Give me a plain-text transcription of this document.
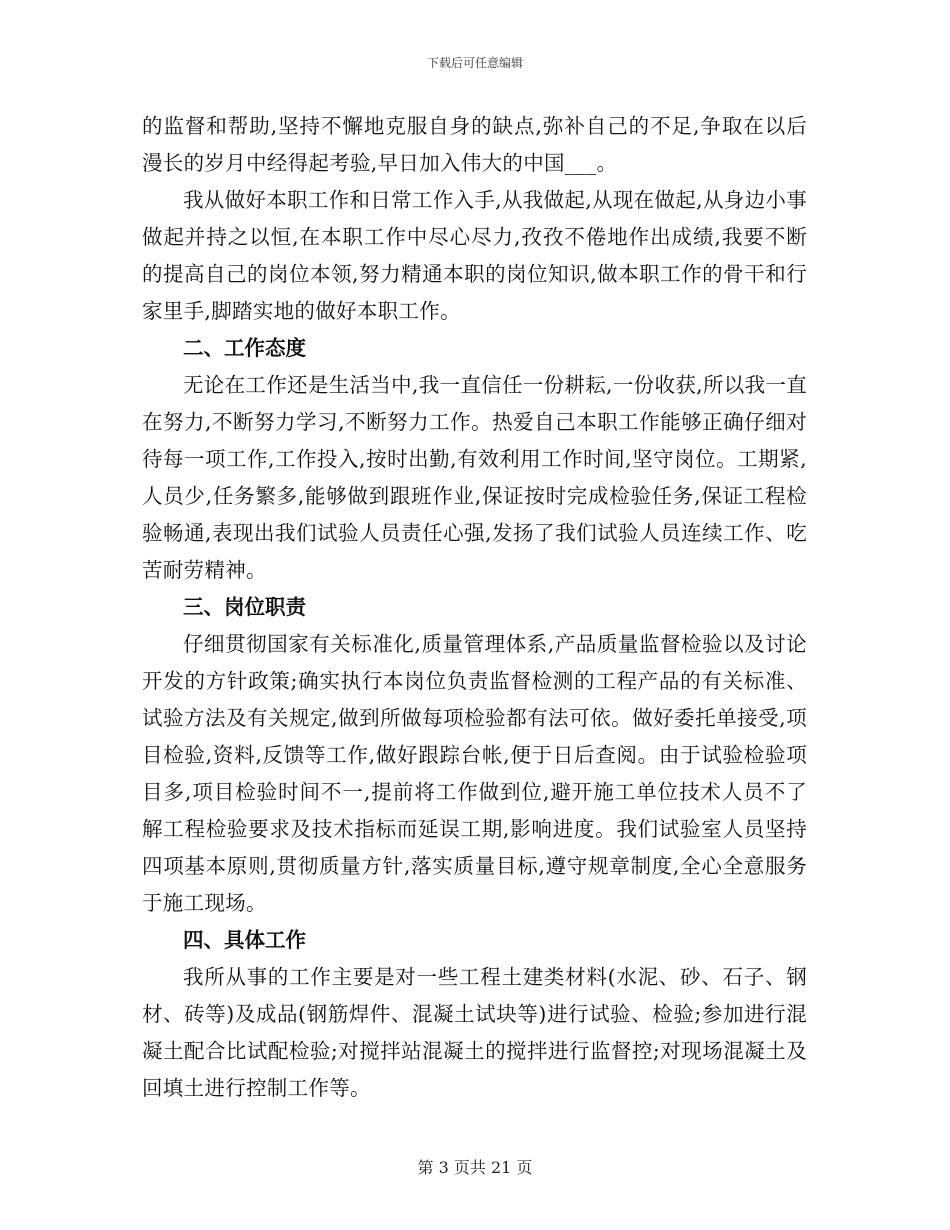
下载后可任意编辑

的监督和帮助,坚持不懈地克服自身的缺点,弥补自己的不足,争取在以后漫长的岁月中经得起考验,早日加入伟大的中国___。

我从做好本职工作和日常工作入手,从我做起,从现在做起,从身边小事做起并持之以恒,在本职工作中尽心尽力,孜孜不倦地作出成绩,我要不断的提高自己的岗位本领,努力精通本职的岗位知识,做本职工作的骨干和行家里手,脚踏实地的做好本职工作。

二、工作态度

无论在工作还是生活当中,我一直信任一份耕耘,一份收获,所以我一直在努力,不断努力学习,不断努力工作。热爱自己本职工作能够正确仔细对待每一项工作,工作投入,按时出勤,有效利用工作时间,坚守岗位。工期紧,人员少,任务繁多,能够做到跟班作业,保证按时完成检验任务,保证工程检验畅通,表现出我们试验人员责任心强,发扬了我们试验人员连续工作、吃苦耐劳精神。

三、岗位职责

仔细贯彻国家有关标准化,质量管理体系,产品质量监督检验以及讨论开发的方针政策;确实执行本岗位负责监督检测的工程产品的有关标准、试验方法及有关规定,做到所做每项检验都有法可依。做好委托单接受,项目检验,资料,反馈等工作,做好跟踪台帐,便于日后查阅。由于试验检验项目多,项目检验时间不一,提前将工作做到位,避开施工单位技术人员不了解工程检验要求及技术指标而延误工期,影响进度。我们试验室人员坚持四项基本原则,贯彻质量方针,落实质量目标,遵守规章制度,全心全意服务于施工现场。

四、具体工作

我所从事的工作主要是对一些工程土建类材料(水泥、砂、石子、钢材、砖等)及成品(钢筋焊件、混凝土试块等)进行试验、检验;参加进行混凝土配合比试配检验;对搅拌站混凝土的搅拌进行监督控;对现场混凝土及回填土进行控制工作等。

第 3 页共 21 页
